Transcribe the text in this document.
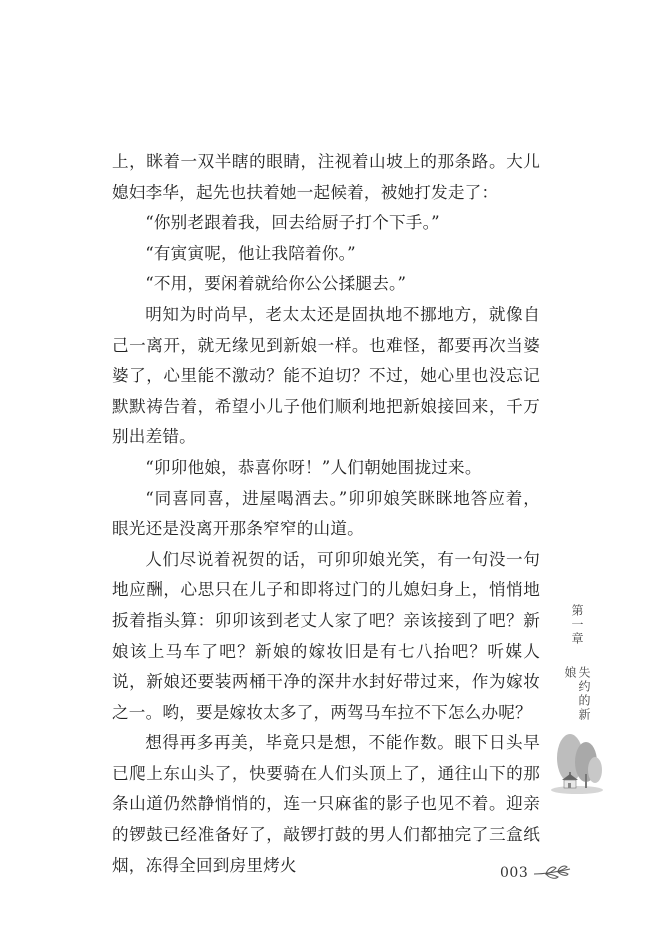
上，眯着一双半瞎的眼睛，注视着山坡上的那条路。大儿媳妇李华，起先也扶着她一起候着，被她打发走了：

“你别老跟着我，回去给厨子打个下手。”

“有寅寅呢，他让我陪着你。”

“不用，要闲着就给你公公揉腿去。”

明知为时尚早，老太太还是固执地不挪地方，就像自己一离开，就无缘见到新娘一样。也难怪，都要再次当婆婆了，心里能不激动？能不迫切？不过，她心里也没忘记默默祷告着，希望小儿子他们顺利地把新娘接回来，千万别出差错。

“卯卯他娘，恭喜你呀！”人们朝她围拢过来。

“同喜同喜，进屋喝酒去。”卯卯娘笑眯眯地答应着，眼光还是没离开那条窄窄的山道。

人们尽说着祝贺的话，可卯卯娘光笑，有一句没一句地应酬，心思只在儿子和即将过门的儿媳妇身上，悄悄地扳着指头算：卯卯该到老丈人家了吧？亲该接到了吧？新娘该上马车了吧？新娘的嫁妆旧是有七八抬吧？听媒人说，新娘还要装两桶干净的深井水封好带过来，作为嫁妆之一。哟，要是嫁妆太多了，两驾马车拉不下怎么办呢？

想得再多再美，毕竟只是想，不能作数。眼下日头早已爬上东山头了，快要骑在人们头顶上了，通往山下的那条山道仍然静悄悄的，连一只麻雀的影子也见不着。迎亲的锣鼓已经准备好了，敲锣打鼓的男人们都抽完了三盒纸烟，冻得全回到房里烤火

第一章
失约的新娘
003
